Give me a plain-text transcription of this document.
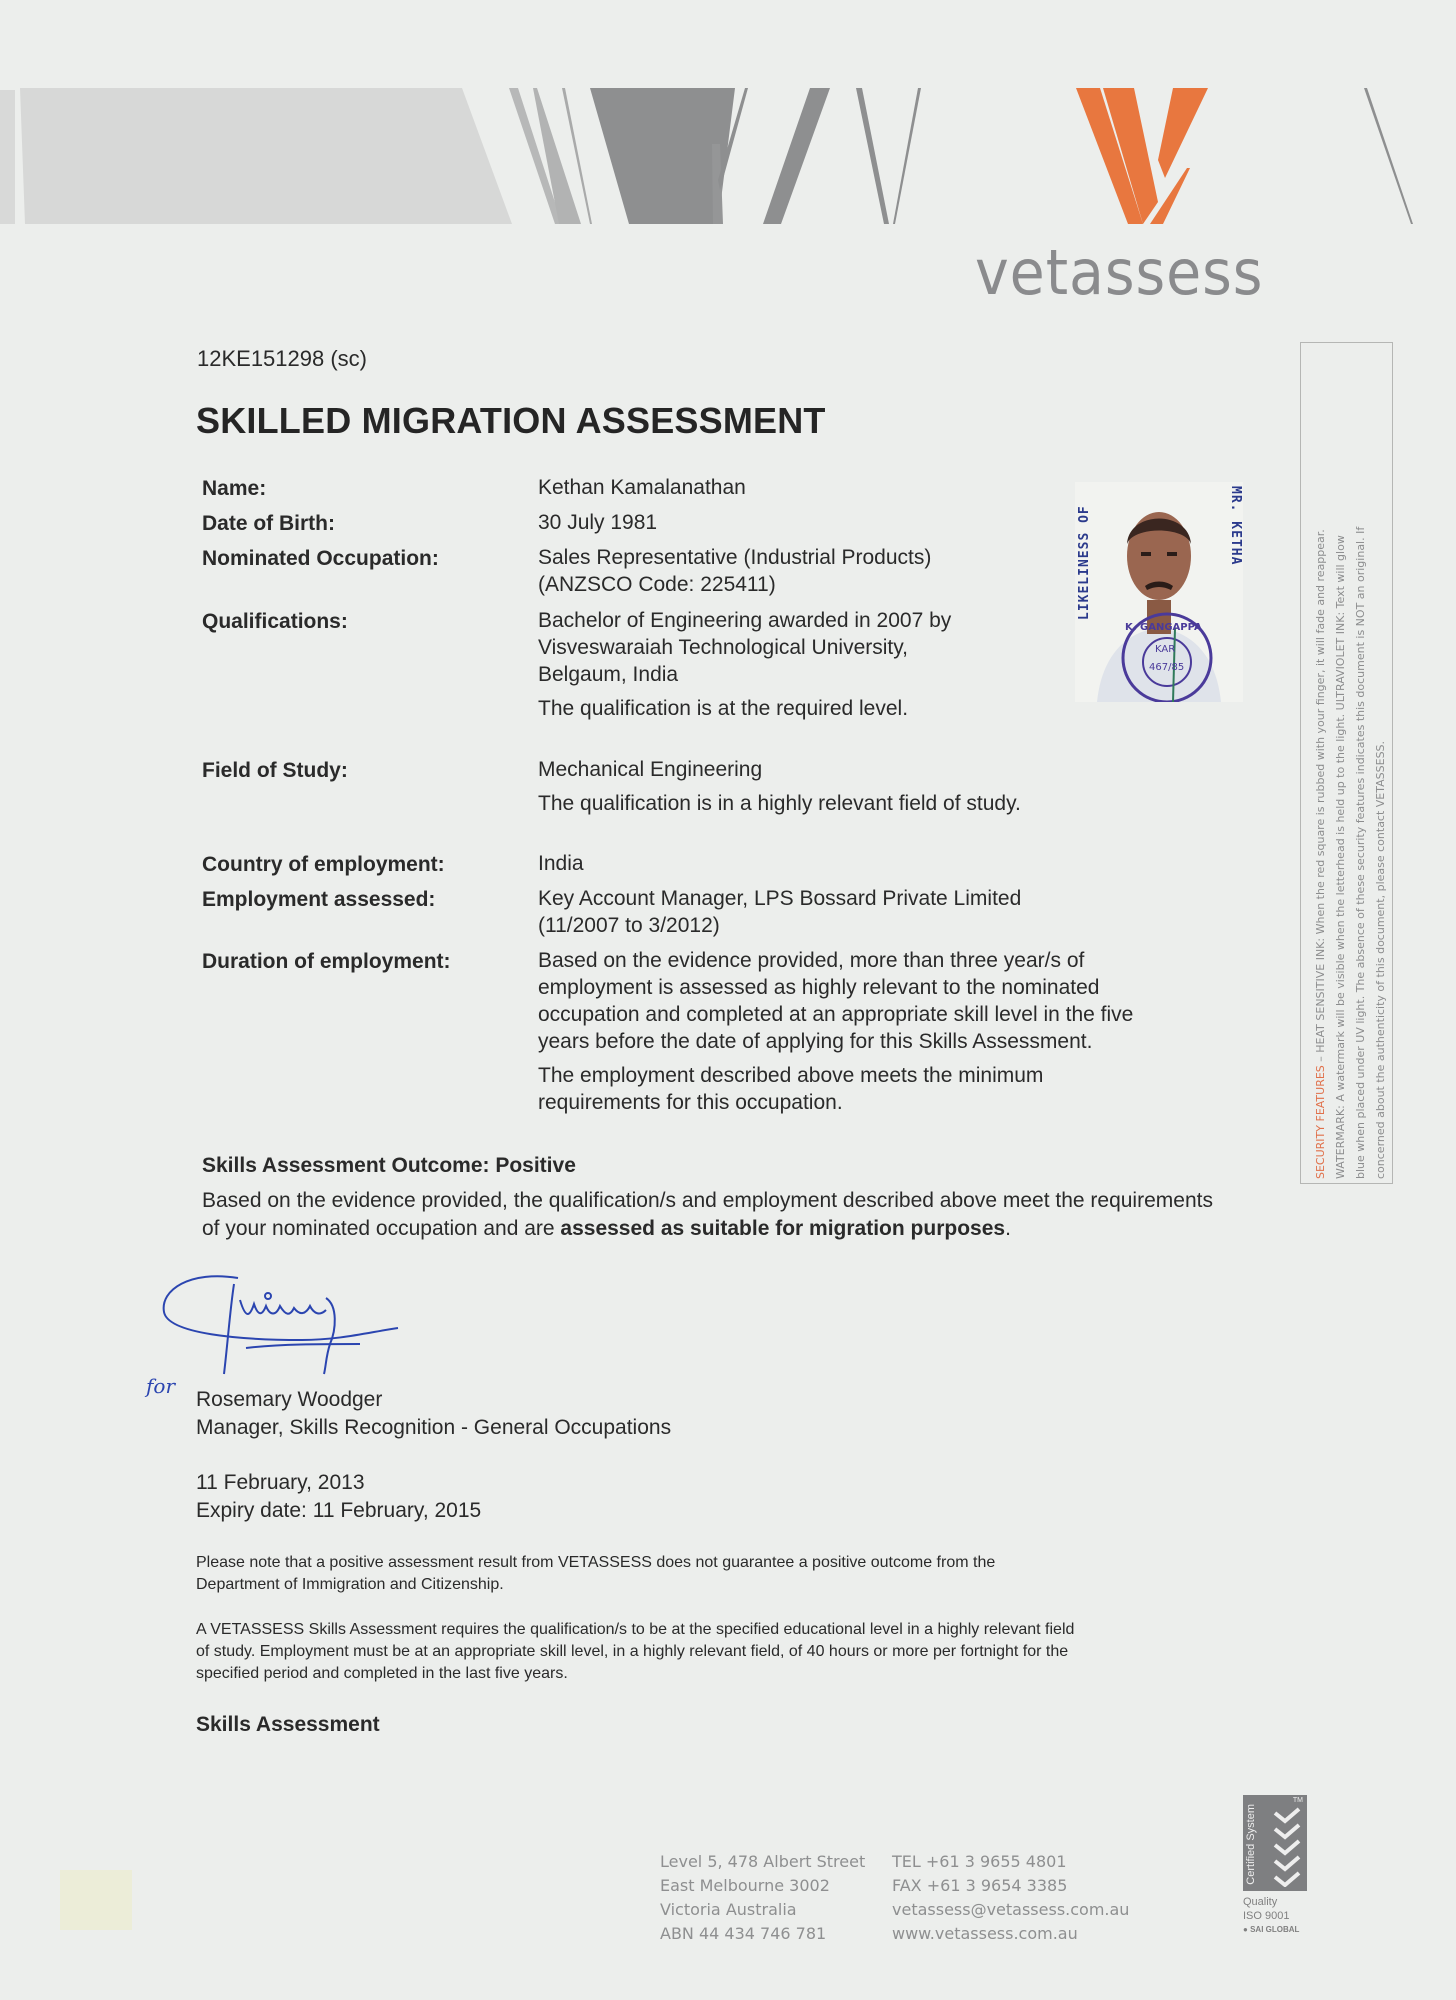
vetassess
12KE151298 (sc)
SKILLED MIGRATION ASSESSMENT
Name:	Kethan Kamalanathan
Date of Birth:	30 July 1981
Nominated Occupation:	Sales Representative (Industrial Products)
(ANZSCO Code: 225411)
Qualifications:	Bachelor of Engineering awarded in 2007 by
Visveswaraiah Technological University,
Belgaum, India
The qualification is at the required level.
Field of Study:	Mechanical Engineering
The qualification is in a highly relevant field of study.
Country of employment:	India
Employment assessed:	Key Account Manager, LPS Bossard Private Limited
(11/2007 to 3/2012)
Duration of employment:	Based on the evidence provided, more than three year/s of
employment is assessed as highly relevant to the nominated
occupation and completed at an appropriate skill level in the five
years before the date of applying for this Skills Assessment.
The employment described above meets the minimum
requirements for this occupation.
K. GANGAPPA
KAR
467/85
LIKELINESS OF	MR. KETHA
Skills Assessment Outcome: Positive
Based on the evidence provided, the qualification/s and employment described above meet the requirements of your nominated occupation and are assessed as suitable for migration purposes.
for
Rosemary Woodger
Manager, Skills Recognition - General Occupations
11 February, 2013
Expiry date: 11 February, 2015
Please note that a positive assessment result from VETASSESS does not guarantee a positive outcome from the
Department of Immigration and Citizenship.
A VETASSESS Skills Assessment requires the qualification/s to be at the specified educational level in a highly relevant field
of study. Employment must be at an appropriate skill level, in a highly relevant field, of 40 hours or more per fortnight for the
specified period and completed in the last five years.
Skills Assessment
Level 5, 478 Albert Street
East Melbourne 3002
Victoria Australia
ABN 44 434 746 781
TEL +61 3 9655 4801
FAX +61 3 9654 3385
vetassess@vetassess.com.au
www.vetassess.com.au
SECURITY FEATURES – HEAT SENSITIVE INK: When the red square is rubbed with your finger, it will fade and reappear. WATERMARK: A watermark will be visible when the letterhead is held up to the light. ULTRAVIOLET INK: Text will glow blue when placed under UV light. The absence of these security features indicates this document is NOT an original. If concerned about the authenticity of this document, please contact VETASSESS.
Certified System
TM
Quality
ISO 9001
● SAI GLOBAL
